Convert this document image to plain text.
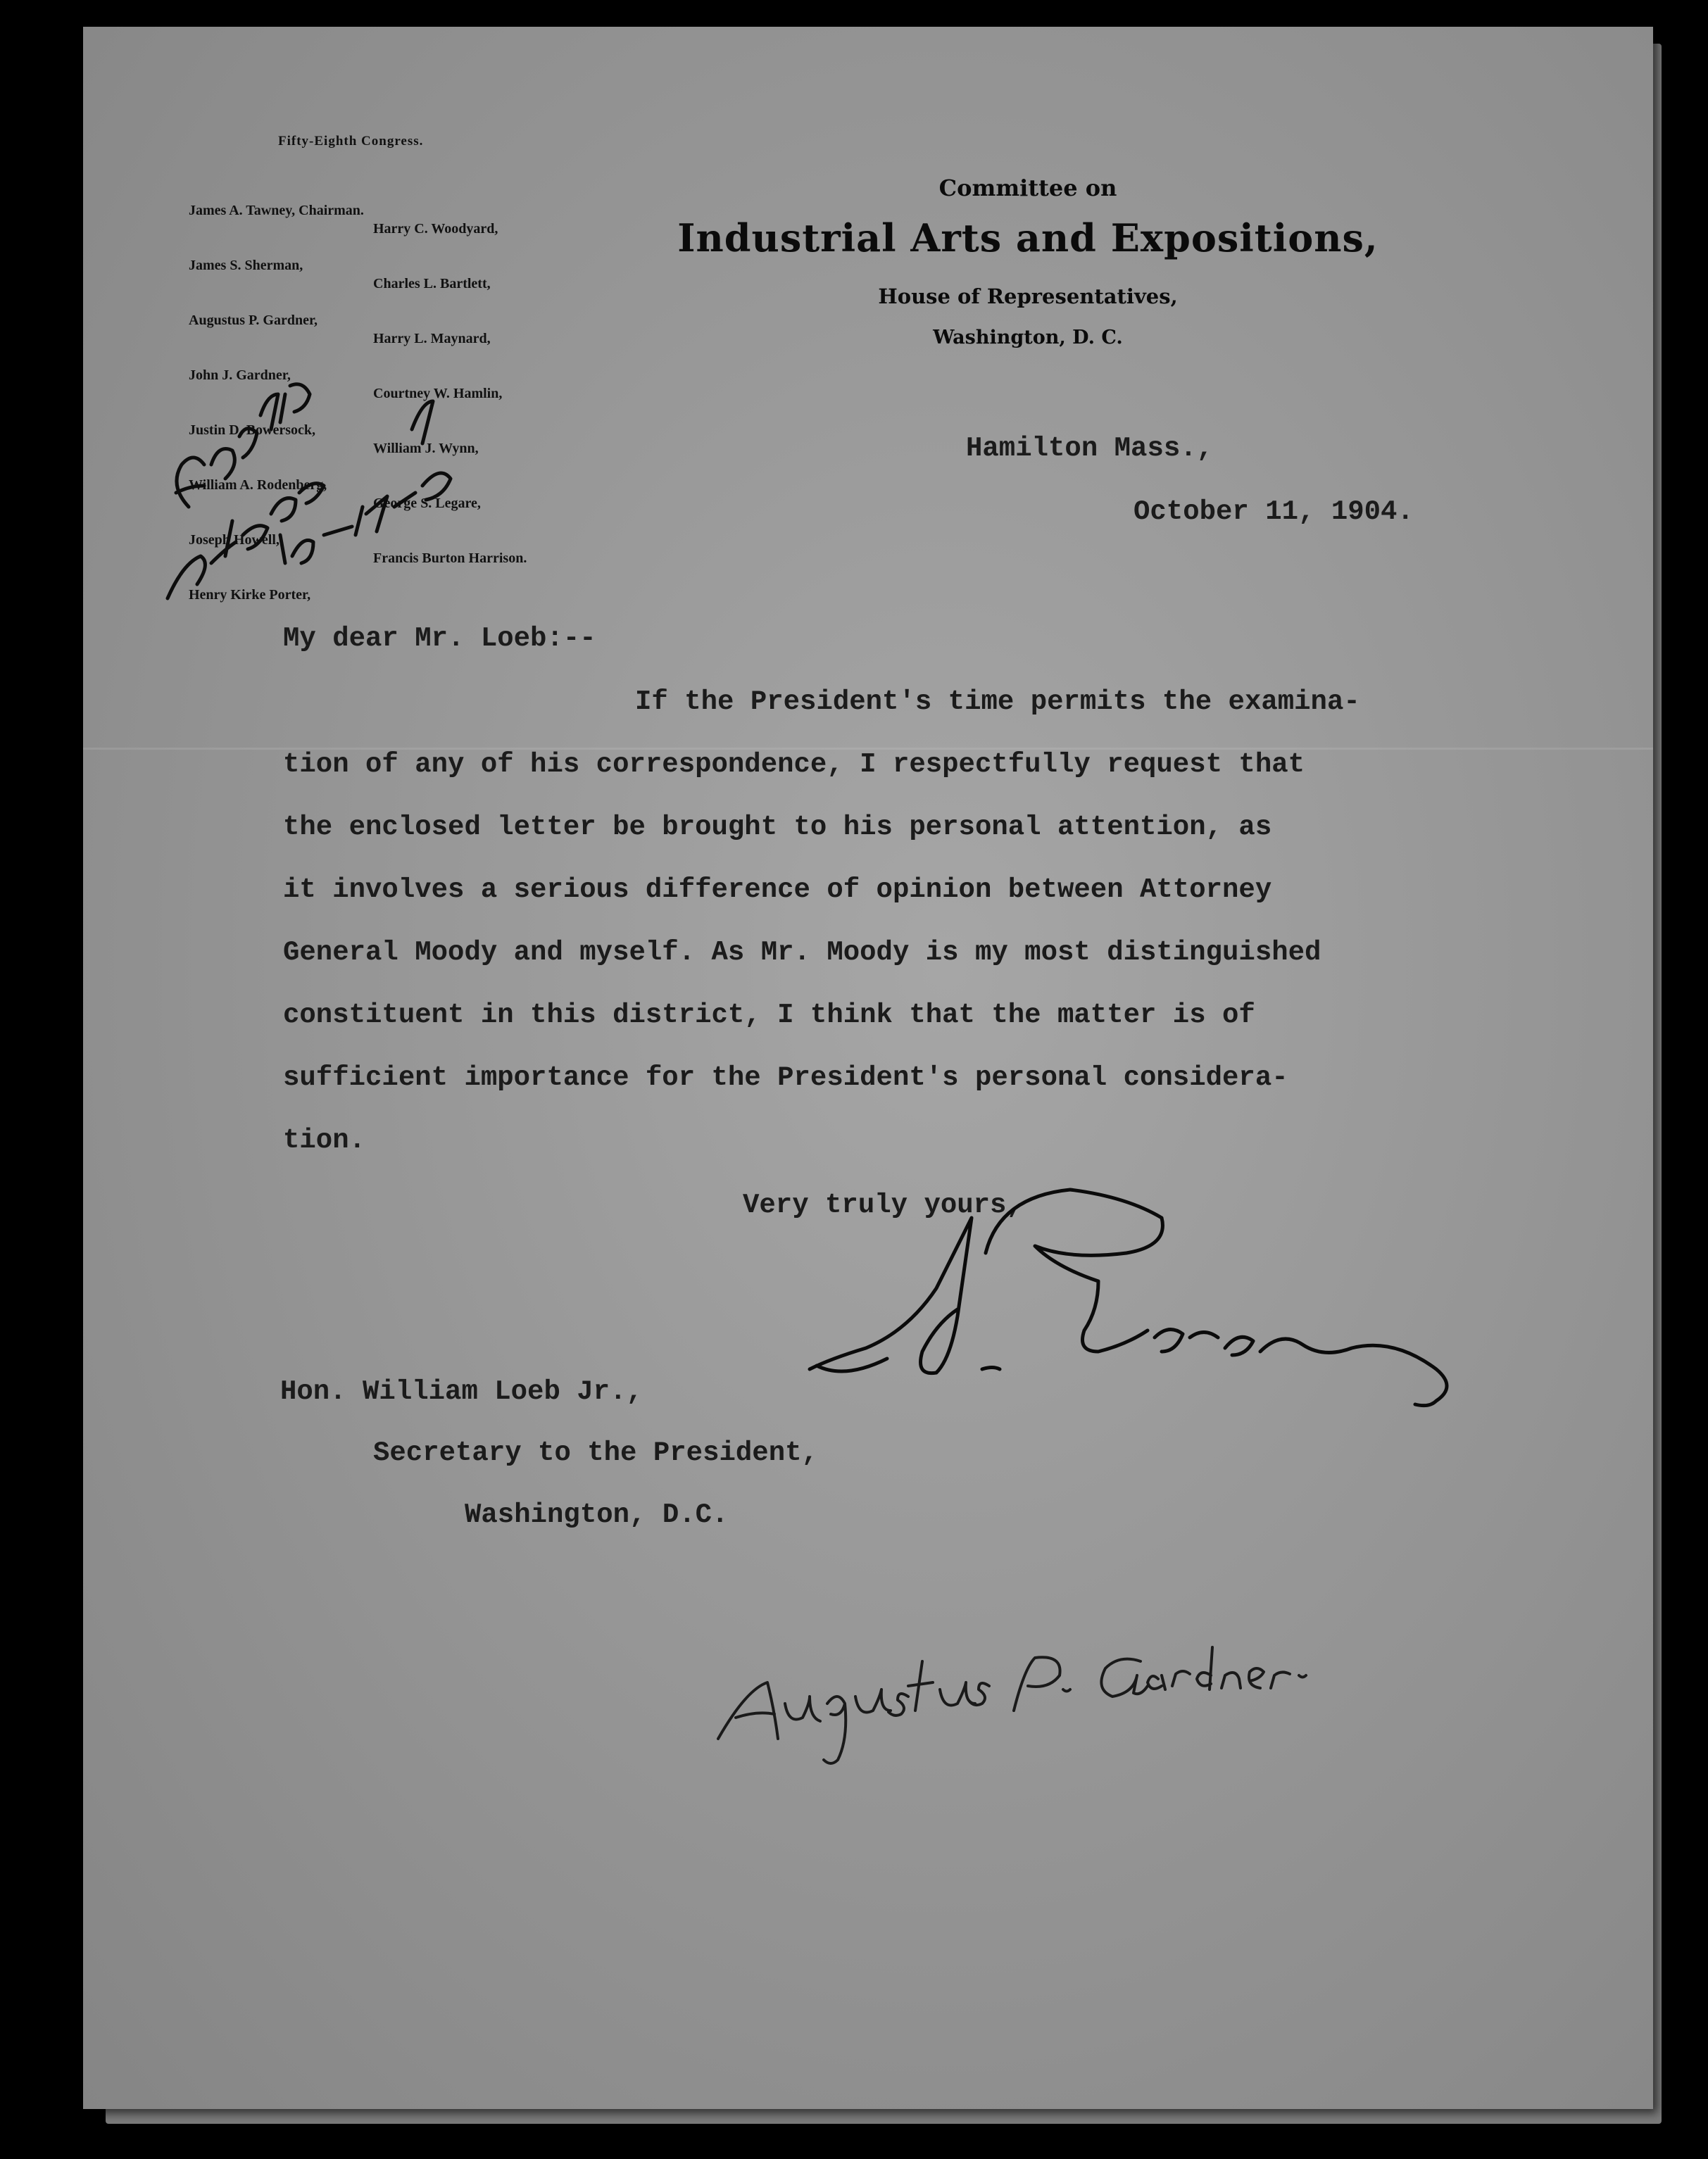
Fifty-Eighth Congress.

James A. Tawney, Chairman.

James S. Sherman,

Augustus P. Gardner,

John J. Gardner,

Justin D. Bowersock,

William A. Rodenberg,

Joseph Howell,

Henry Kirke Porter,

Harry C. Woodyard,

Charles L. Bartlett,

Harry L. Maynard,

Courtney W. Hamlin,

William J. Wynn,

George S. Legare,

Francis Burton Harrison.

Committee on
Industrial Arts and Expositions,
House of Representatives,
Washington, D. C.
Hamilton Mass.,
October 11, 1904.
My dear Mr. Loeb:--
If the President's time permits the examina-
tion of any of his correspondence, I respectfully request that
the enclosed letter be brought to his personal attention, as
it involves a serious difference of opinion between Attorney
General Moody and myself. As Mr. Moody is my most distinguished
constituent in this district, I think that the matter is of
sufficient importance for the President's personal considera-
tion.
Very truly yours,
Hon. William Loeb Jr.,
Secretary to the President,
Washington, D.C.
